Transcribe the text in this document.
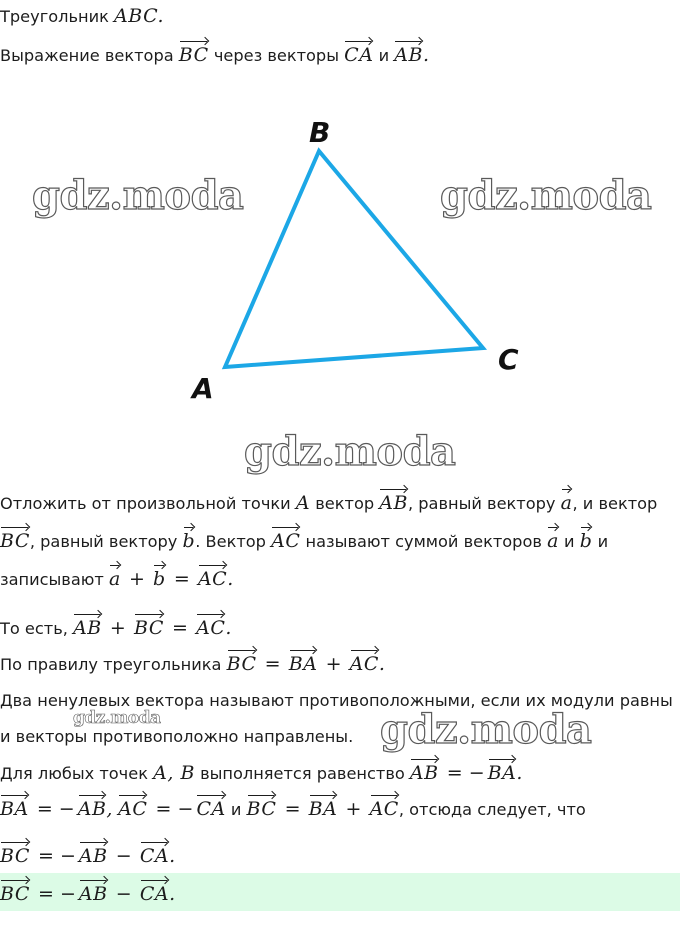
Треугольник ABC.
Выражение вектора BC через векторы CA и AB.
B
C
A
gdz.moda	gdz.moda
gdz.moda
gdz.moda	gdz.moda
Отложить от произвольной точки A вектор AB, равный вектору a, и вектор
BC, равный вектору b. Вектор AC называют суммой векторов a и b и
записывают a + b = AC.
То есть, AB + BC = AC.
По правилу треугольника BC = BA + AC.
Два ненулевых вектора называют противоположными, если их модули равны
и векторы противоположно направлены.
Для любых точек A, B выполняется равенство AB = − BA.
BA = − AB, AC = − CA и BC = BA + AC, отсюда следует, что
BC = − AB − CA.
BC = − AB − CA.
